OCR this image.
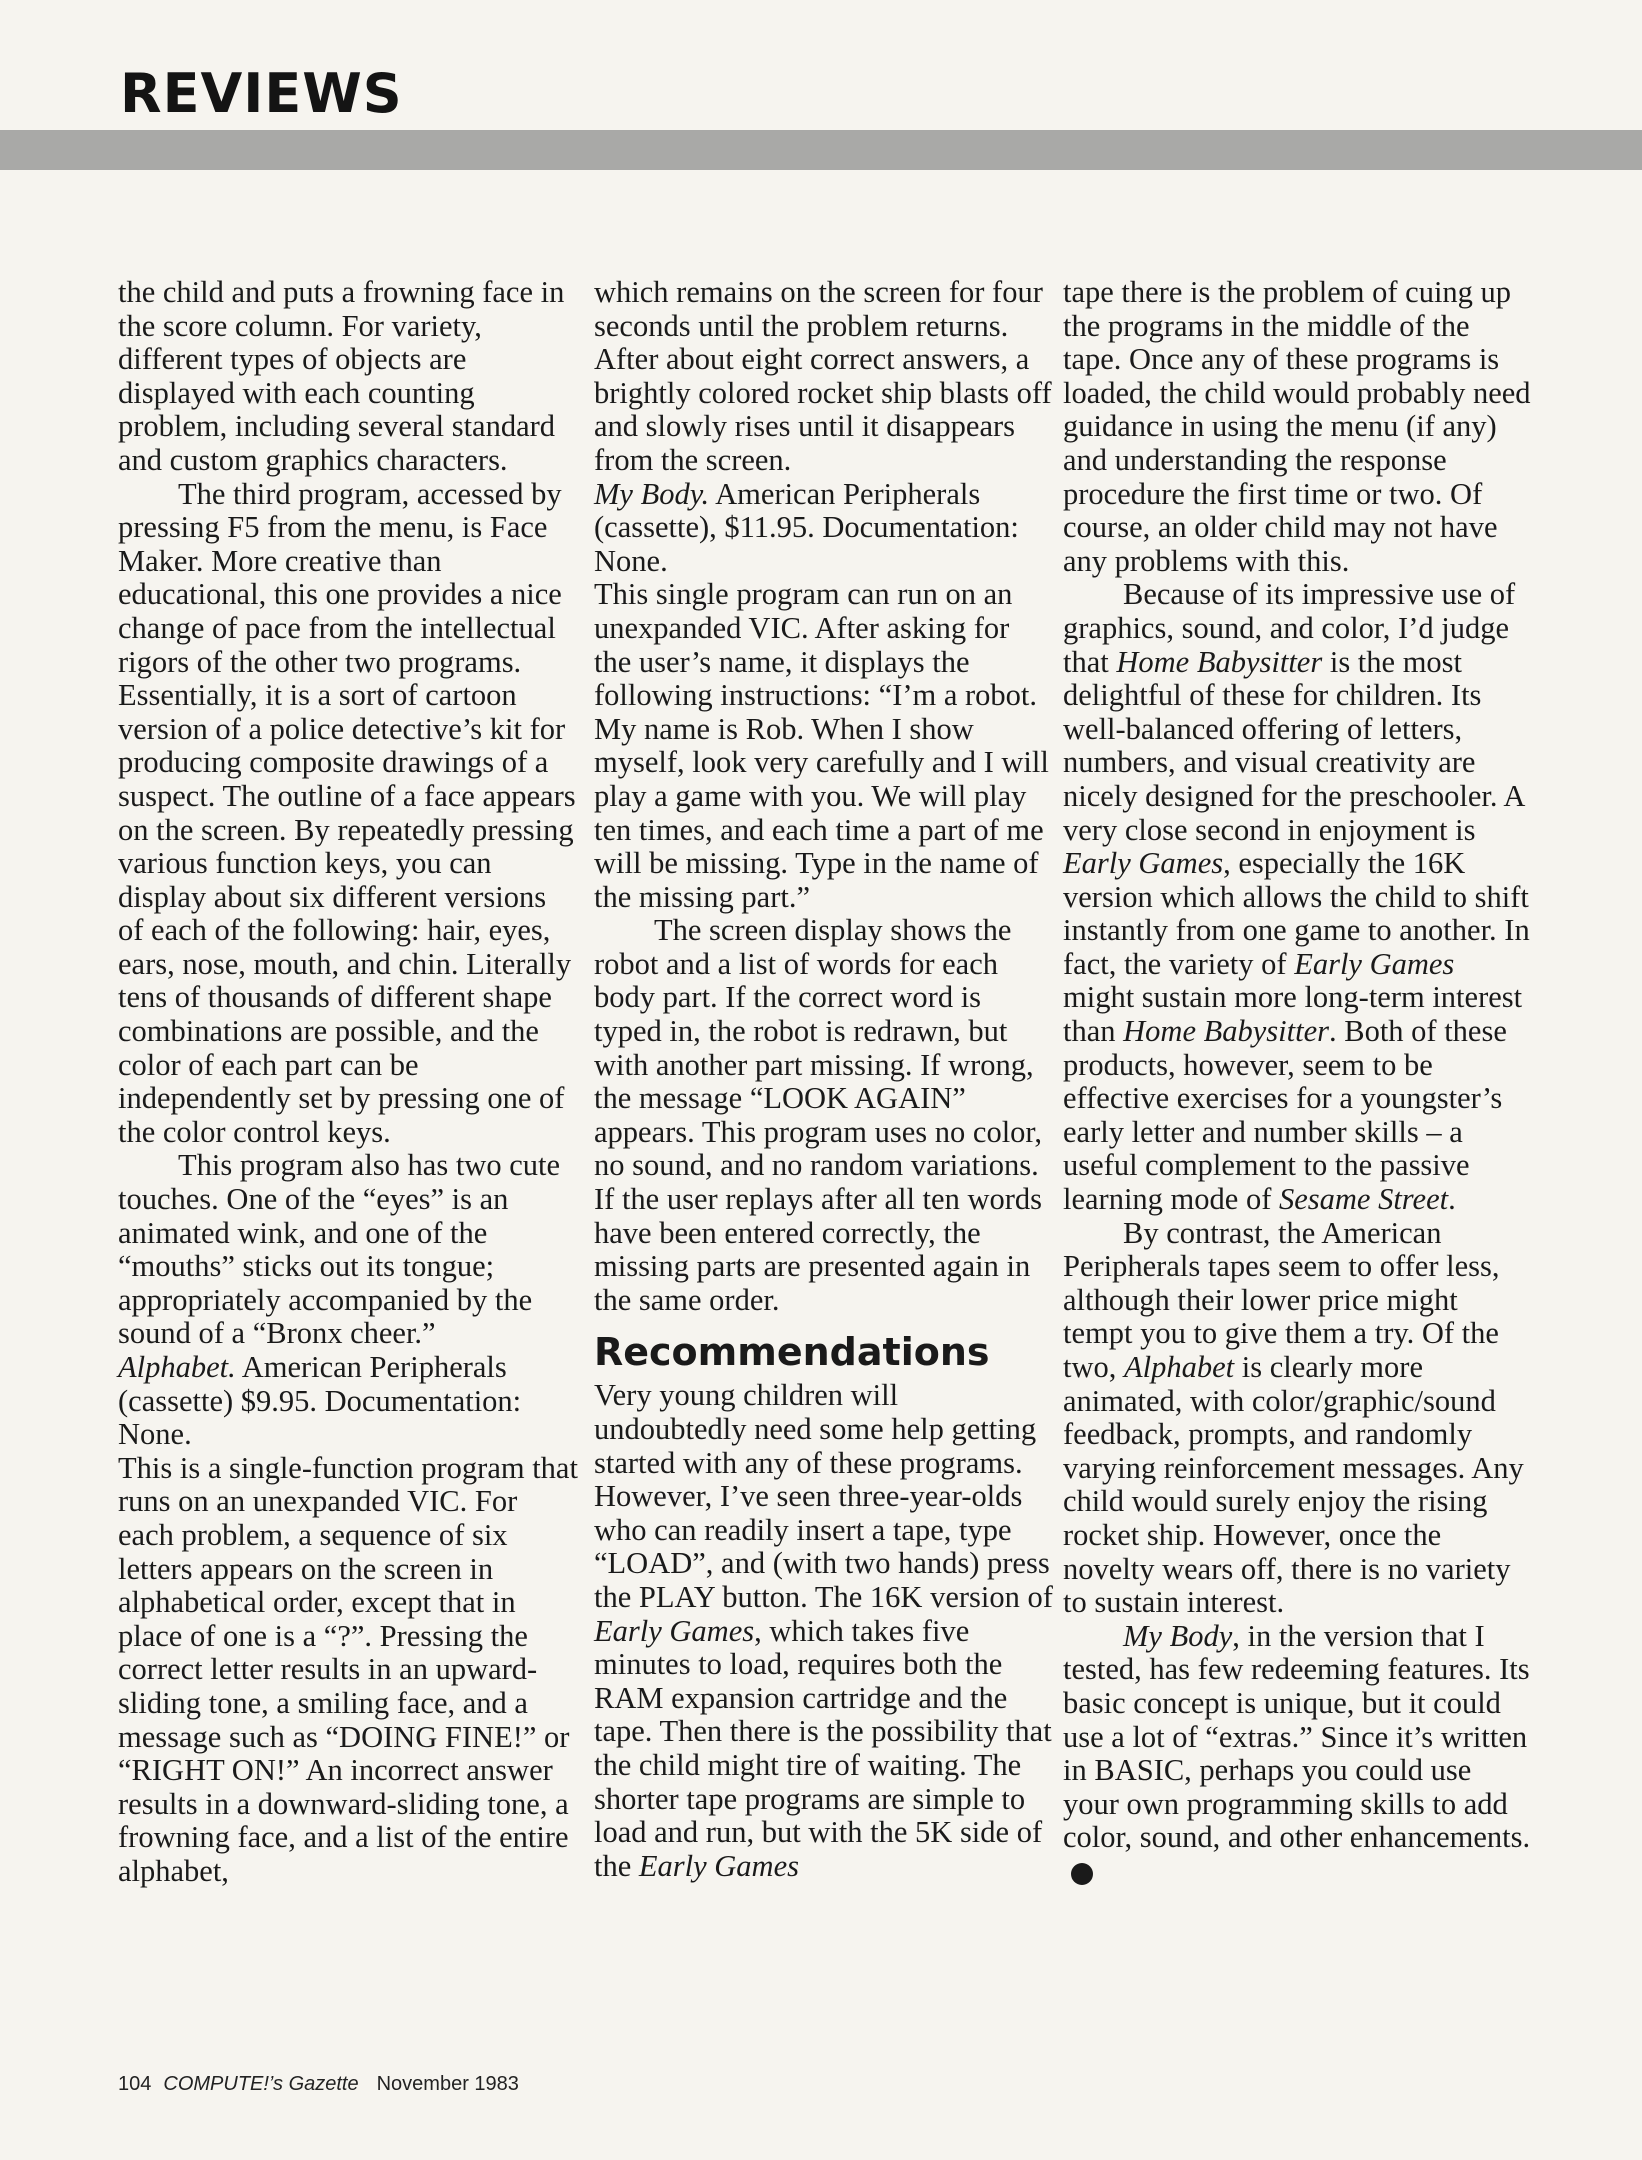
REVIEWS

the child and puts a frowning face in the score column. For variety, different types of objects are displayed with each counting problem, including several standard and custom graphics characters.

The third program, accessed by pressing F5 from the menu, is Face Maker. More creative than educational, this one provides a nice change of pace from the intellectual rigors of the other two programs. Essentially, it is a sort of cartoon version of a police detective’s kit for producing composite drawings of a suspect. The outline of a face appears on the screen. By repeatedly pressing various function keys, you can display about six different versions of each of the following: hair, eyes, ears, nose, mouth, and chin. Literally tens of thousands of different shape combinations are possible, and the color of each part can be independently set by pressing one of the color control keys.

This program also has two cute touches. One of the “eyes” is an animated wink, and one of the “mouths” sticks out its tongue; appropriately accompanied by the sound of a “Bronx cheer.”

Alphabet. American Peripherals (cassette) $9.95. Documentation: None.

This is a single-function program that runs on an unexpanded VIC. For each problem, a sequence of six letters appears on the screen in alphabetical order, except that in place of one is a “?”. Pressing the correct letter results in an upward-sliding tone, a smiling face, and a message such as “DOING FINE!” or “RIGHT ON!” An incorrect answer results in a downward-sliding tone, a frowning face, and a list of the entire alphabet,

which remains on the screen for four seconds until the problem returns. After about eight correct answers, a brightly colored rocket ship blasts off and slowly rises until it disappears from the screen.

My Body. American Peripherals (cassette), $11.95. Documentation: None.

This single program can run on an unexpanded VIC. After asking for the user’s name, it displays the following instructions: “I’m a robot. My name is Rob. When I show myself, look very carefully and I will play a game with you. We will play ten times, and each time a part of me will be missing. Type in the name of the missing part.”

The screen display shows the robot and a list of words for each body part. If the correct word is typed in, the robot is redrawn, but with another part missing. If wrong, the message “LOOK AGAIN” appears. This program uses no color, no sound, and no random variations. If the user replays after all ten words have been entered correctly, the missing parts are presented again in the same order.

Recommendations

Very young children will undoubtedly need some help getting started with any of these programs. However, I’ve seen three-year-olds who can readily insert a tape, type “LOAD”, and (with two hands) press the PLAY button. The 16K version of Early Games, which takes five minutes to load, requires both the RAM expansion cartridge and the tape. Then there is the possibility that the child might tire of waiting. The shorter tape programs are simple to load and run, but with the 5K side of the Early Games

tape there is the problem of cuing up the programs in the middle of the tape. Once any of these programs is loaded, the child would probably need guidance in using the menu (if any) and understanding the response procedure the first time or two. Of course, an older child may not have any problems with this.

Because of its impressive use of graphics, sound, and color, I’d judge that Home Babysitter is the most delightful of these for children. Its well-balanced offering of letters, numbers, and visual creativity are nicely designed for the preschooler. A very close second in enjoyment is Early Games, especially the 16K version which allows the child to shift instantly from one game to another. In fact, the variety of Early Games might sustain more long-term interest than Home Babysitter. Both of these products, however, seem to be effective exercises for a youngster’s early letter and number skills – a useful complement to the passive learning mode of Sesame Street.

By contrast, the American Peripherals tapes seem to offer less, although their lower price might tempt you to give them a try. Of the two, Alphabet is clearly more animated, with color/graphic/sound feedback, prompts, and randomly varying reinforcement messages. Any child would surely enjoy the rising rocket ship. However, once the novelty wears off, there is no variety to sustain interest.

My Body, in the version that I tested, has few redeeming features. Its basic concept is unique, but it could use a lot of “extras.” Since it’s written in BASIC, perhaps you could use your own programming skills to add color, sound, and other enhancements.G

104 COMPUTE!’s Gazette November 1983
